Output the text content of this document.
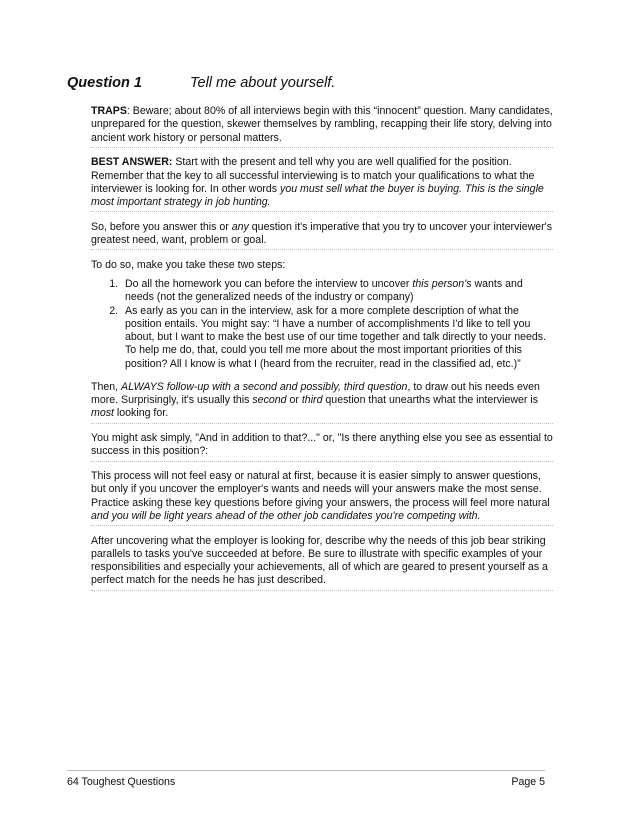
Question 1	Tell me about yourself.

TRAPS: Beware; about 80% of all interviews begin with this “innocent” question. Many candidates, unprepared for the question, skewer themselves by rambling, recapping their life story, delving into ancient work history or personal matters.

BEST ANSWER: Start with the present and tell why you are well qualified for the position. Remember that the key to all successful interviewing is to match your qualifications to what the interviewer is looking for. In other words you must sell what the buyer is buying. This is the single most important strategy in job hunting.

So, before you answer this or any question it's imperative that you try to uncover your interviewer's greatest need, want, problem or goal.

To do so, make you take these two steps:

1. Do all the homework you can before the interview to uncover this person's wants and needs (not the generalized needs of the industry or company)
2. As early as you can in the interview, ask for a more complete description of what the position entails. You might say: “I have a number of accomplishments I'd like to tell you about, but I want to make the best use of our time together and talk directly to your needs. To help me do, that, could you tell me more about the most important priorities of this position? All I know is what I (heard from the recruiter, read in the classified ad, etc.)”

Then, ALWAYS follow-up with a second and possibly, third question, to draw out his needs even more. Surprisingly, it's usually this second or third question that unearths what the interviewer is most looking for.

You might ask simply, "And in addition to that?..." or, "Is there anything else you see as essential to success in this position?:

This process will not feel easy or natural at first, because it is easier simply to answer questions, but only if you uncover the employer's wants and needs will your answers make the most sense. Practice asking these key questions before giving your answers, the process will feel more natural and you will be light years ahead of the other job candidates you're competing with.

After uncovering what the employer is looking for, describe why the needs of this job bear striking parallels to tasks you've succeeded at before. Be sure to illustrate with specific examples of your responsibilities and especially your achievements, all of which are geared to present yourself as a perfect match for the needs he has just described.

64 Toughest Questions	Page 5
